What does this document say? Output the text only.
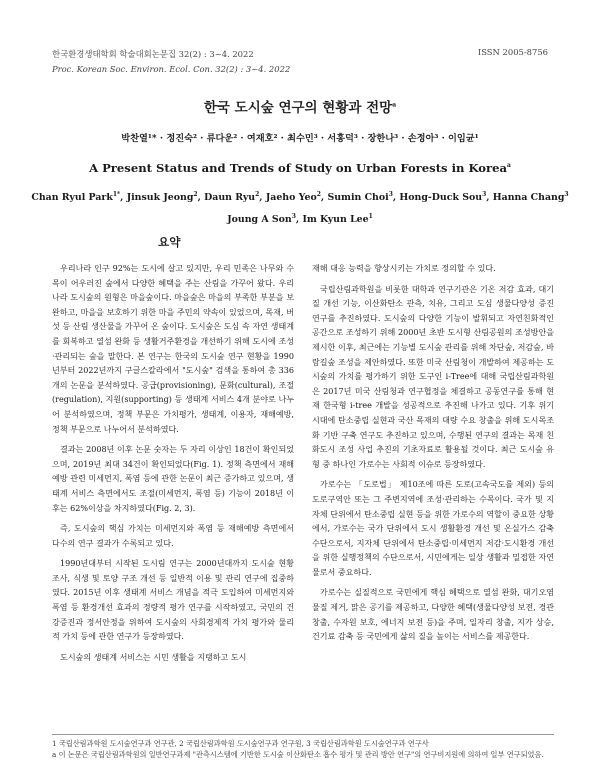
한국환경생태학회 학술대회논문집 32(2) : 3~4. 2022
Proc. Korean Soc. Environ. Ecol. Con. 32(2) : 3~4. 2022
ISSN 2005-8756
한국 도시숲 연구의 현황과 전망$^a$
박찬열¹* · 정진숙² · 류다운² · 여재호² · 최수민³ · 서홍덕³ · 장한나³ · 손정아³ · 이임균¹
A Present Status and Trends of Study on Urban Forests in Korea$^a$
Chan Ryul Park$^{1*}$, Jinsuk Jeong$^2$, Daun Ryu$^2$, Jaeho Yeo$^2$, Sumin Choi$^3$, Hong-Duck Sou$^3$, Hanna Chang$^3$
Joung A Son$^3$, Im Kyun Lee$^1$
요약

우리나라 인구 92%는 도시에 살고 있지만, 우리 민족은 나무와 수목이 어우러진 숲에서 다양한 혜택을 주는 산림을 가꾸어 왔다. 우리나라 도시숲의 원형은 마을숲이다. 마을숲은 마을의 부족한 부분을 보완하고, 마을을 보호하기 위한 마을 주민의 약속이 있었으며, 목재, 버섯 등 산림 생산물을 가꾸어 온 숲이다. 도시숲은 도심 속 자연 생태계를 회복하고 열섬 완화 등 생활거주환경을 개선하기 위해 도시에 조성·관리되는 숲을 말한다. 본 연구는 한국의 도시숲 연구 현황을 1990년부터 2022년까지 구글스칼라에서 "도시숲" 검색을 통하여 총 336개의 논문을 분석하였다. 공급(provisioning), 문화(cultural), 조절(regulation), 지원(supporting) 등 생태계 서비스 4개 분야로 나누어 분석하였으며, 정책 부문은 가치평가, 생태계, 이용자, 재해예방, 정책 부문으로 나누어서 분석하였다.

결과는 2008년 이후 논문 숫자는 두 자리 이상인 18건이 확인되었으며, 2019년 최대 34건이 확인되었다(Fig. 1). 정책 측면에서 재해예방 관련 미세먼지, 폭염 등에 관한 논문이 최근 증가하고 있으며, 생태계 서비스 측면에서도 조절(미세먼지, 폭염 등) 기능이 2018년 이후는 62%이상을 차지하였다(Fig. 2, 3).

즉, 도시숲의 핵심 가치는 미세먼지와 폭염 등 재해예방 측면에서 다수의 연구 결과가 수록되고 있다.

1990년대부터 시작된 도시림 연구는 2000년대까지 도시숲 현황 조사, 식생 및 토양 구조 개선 등 일반적 이용 및 관리 연구에 집중하였다. 2015년 이후 생태계 서비스 개념을 적극 도입하여 미세먼지와 폭염 등 환경개선 효과의 정량적 평가 연구를 시작하였고, 국민의 건강증진과 정서안정을 위하여 도시숲의 사회경제적 가치 평가와 물리적 가치 등에 관한 연구가 등장하였다.

도시숲의 생태계 서비스는 시민 생활을 지탱하고 도시

재해 대응 능력을 향상시키는 가치로 정의할 수 있다.

국립산림과학원을 비롯한 대학과 연구기관은 기온 저감 효과, 대기질 개선 기능, 이산화탄소 관측, 치유, 그리고 도심 생물다양성 증진 연구를 추진하였다. 도시숲의 다양한 기능이 발휘되고 자연친화적인 공간으로 조성하기 위해 2000년 초반 도시형 산림공원의 조성방안을 제시한 이후, 최근에는 기능별 도시숲 관리를 위해 차단숲, 저감숲, 바람길숲 조성을 제안하였다. 또한 미국 산림청이 개발하여 제공하는 도시숲의 가치를 평가하기 위한 도구인 i-Tree에 대해 국립산림과학원은 2017년 미국 산림청과 연구협정을 체결하고 공동연구를 통해 현재 한국형 i-tree 개발을 성공적으로 추진해 나가고 있다. 기후 위기 시대에 탄소중립 실현과 국산 목재의 대량 수요 창출을 위해 도시목조화 기반 구축 연구도 추진하고 있으며, 수행된 연구의 결과는 목재 친화도시 조성 사업 추진의 기초자료로 활용될 것이다. 최근 도시숲 유형 중 하나인 가로수는 사회적 이슈로 등장하였다.

가로수는 「도로법」 제10조에 따른 도로(고속국도를 제외) 등의 도로구역안 또는 그 주변지역에 조성·관리하는 수목이다. 국가 및 지자체 단위에서 탄소중립 실현 등을 위한 가로수의 역할이 중요한 상황에서, 가로수는 국가 단위에서 도시 생활환경 개선 및 온실가스 감축 수단으로서, 지자체 단위에서 탄소중립·미세먼지 저감·도시환경 개선을 위한 실행정책의 수단으로서, 시민에게는 일상 생활과 밀접한 자연물로서 중요하다.

가로수는 실질적으로 국민에게 핵심 혜택으로 열섬 완화, 대기오염물질 제거, 맑은 공기를 제공하고, 다양한 혜택(생물다양성 보전, 경관 창출, 수자원 보호, 에너지 보전 등)을 주며, 일자리 창출, 지가 상승, 건기료 감축 등 국민에게 삶의 질을 높이는 서비스를 제공한다.

1 국립산림과학원 도시숲연구과 연구관, 2 국립산림과학원 도시숲연구과 연구원, 3 국립산림과학원 도시숲연구과 연구사

a 이 논문은 국립산림과학원의 일반연구과제 "관측시스템에 기반한 도시숲 이산화탄소 흡수 평가 및 관리 방안 연구"의 연구비지원에 의하여 일부 연구되었음.
